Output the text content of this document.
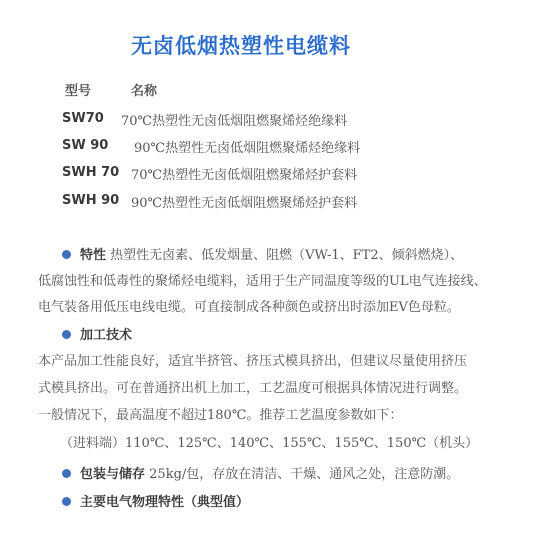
无卤低烟热塑性电缆料
型号	名称
SW70 70℃热塑性无卤低烟阻燃聚烯烃绝缘料
SW 90 90℃热塑性无卤低烟阻燃聚烯烃绝缘料
SWH 70 70℃热塑性无卤低烟阻燃聚烯烃护套料
SWH 90 90℃热塑性无卤低烟阻燃聚烯烃护套料
特性 热塑性无卤素、低发烟量、阻燃（VW-1、FT2、倾斜燃烧）、
低腐蚀性和低毒性的聚烯烃电缆料，适用于生产同温度等级的UL电气连接线、
电气装备用低压电线电缆。可直接制成各种颜色或挤出时添加EV色母粒。
加工技术
本产品加工性能良好，适宜半挤管、挤压式模具挤出，但建议尽量使用挤压
式模具挤出。可在普通挤出机上加工，工艺温度可根据具体情况进行调整。
一般情况下，最高温度不超过180℃。推荐工艺温度参数如下：
（进料端）110℃、125℃、140℃、155℃、155℃、150℃（机头）
包装与储存 25kg/包，存放在清洁、干燥、通风之处，注意防潮。
主要电气物理特性（典型值）
